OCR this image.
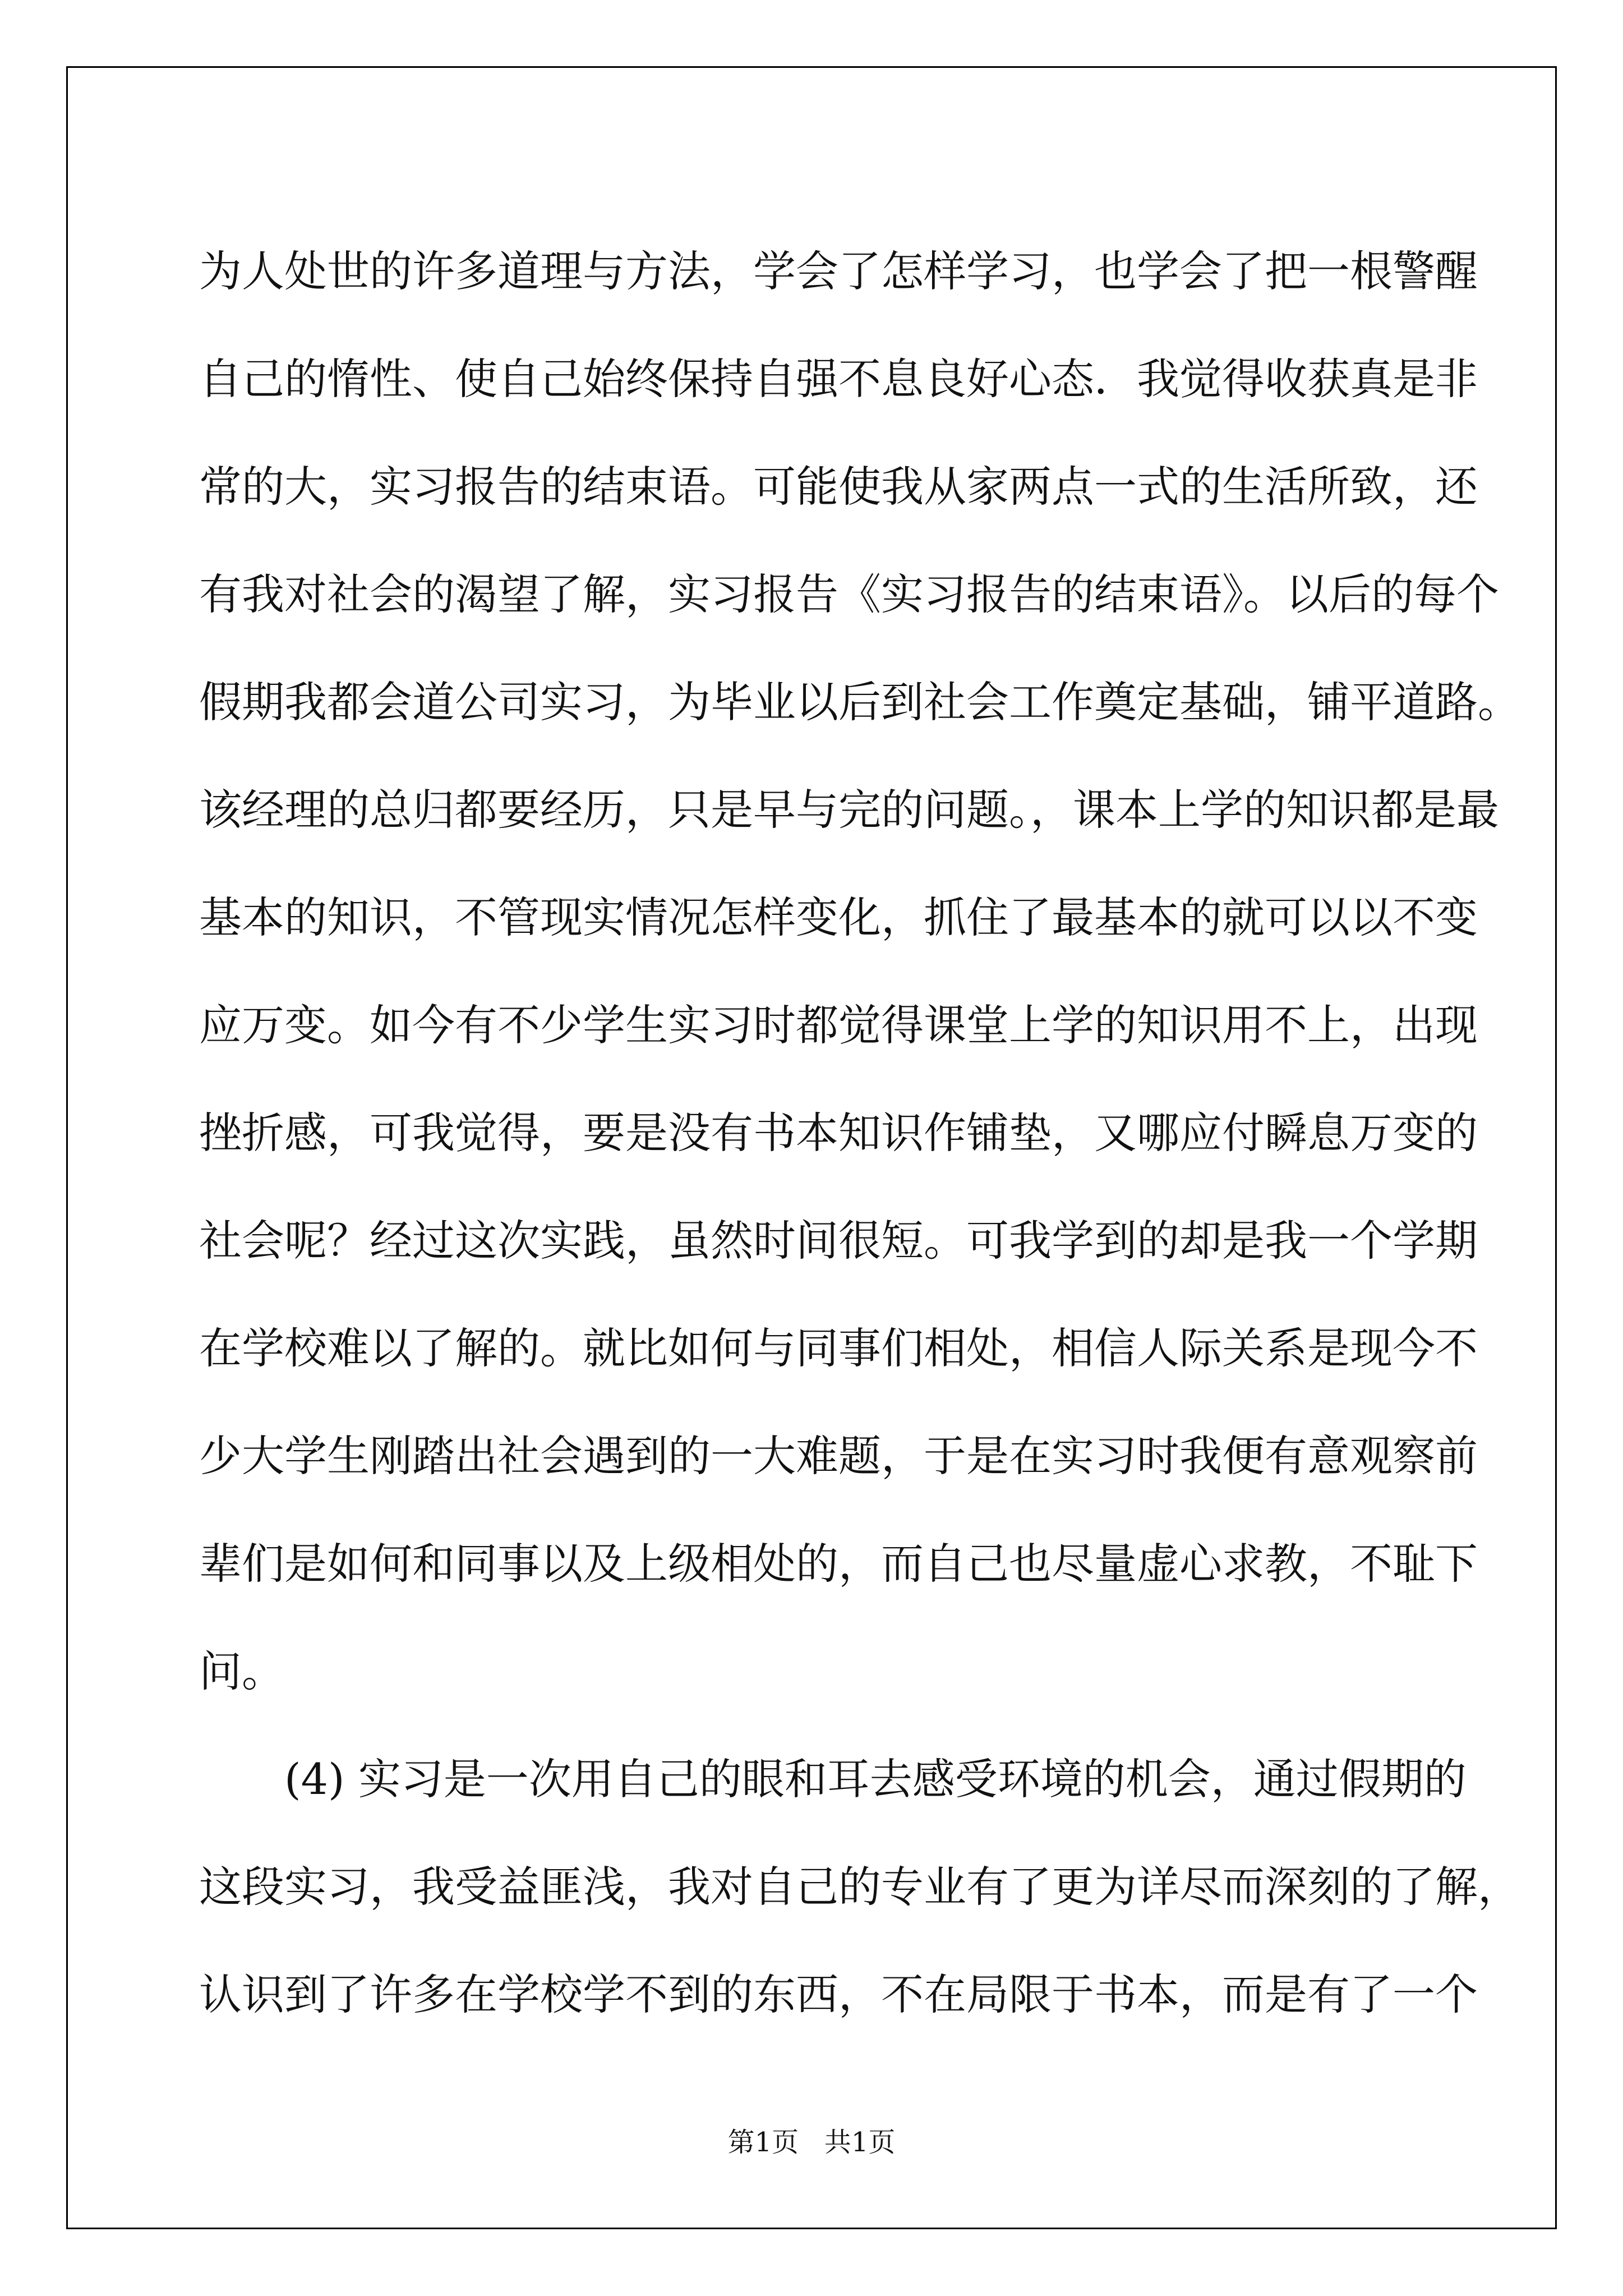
为人处世的许多道理与方法，学会了怎样学习，也学会了把一根警醒
自己的惰性、使自己始终保持自强不息良好心态．我觉得收获真是非
常的大，实习报告的结束语。可能使我从家两点一式的生活所致，还
有我对社会的渴望了解，实习报告《实习报告的结束语》。以后的每个
假期我都会道公司实习，为毕业以后到社会工作奠定基础，铺平道路。
该经理的总归都要经历，只是早与完的问题。，课本上学的知识都是最
基本的知识，不管现实情况怎样变化，抓住了最基本的就可以以不变
应万变。如今有不少学生实习时都觉得课堂上学的知识用不上，出现
挫折感，可我觉得，要是没有书本知识作铺垫，又哪应付瞬息万变的
社会呢？经过这次实践，虽然时间很短。可我学到的却是我一个学期
在学校难以了解的。就比如何与同事们相处，相信人际关系是现今不
少大学生刚踏出社会遇到的一大难题，于是在实习时我便有意观察前
辈们是如何和同事以及上级相处的，而自己也尽量虚心求教，不耻下
问。
(4) 实习是一次用自己的眼和耳去感受环境的机会，通过假期的
这段实习，我受益匪浅，我对自己的专业有了更为详尽而深刻的了解，
认识到了许多在学校学不到的东西，不在局限于书本，而是有了一个
第1页   共1页
